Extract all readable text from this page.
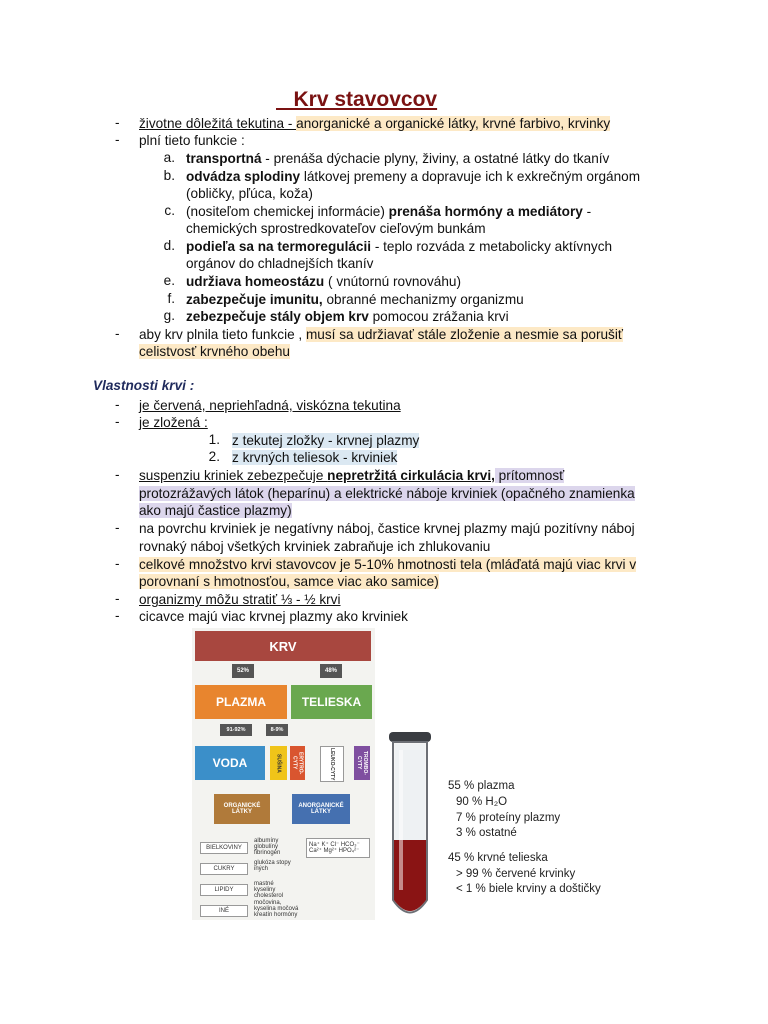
Krv stavovcov
- životne dôležitá tekutina - anorganické a organické látky, krvné farbivo, krvinky
- plní tieto funkcie :
a. transportná - prenáša dýchacie plyny, živiny, a ostatné látky do tkanív
b. odvádza splodiny látkovej premeny a dopravuje ich k exkrečným orgánom
(obličky, pľúca, koža)
c. (nositeľom chemickej informácie) prenáša hormóny a mediátory -
chemických sprostredkovateľov cieľovým bunkám
d. podieľa sa na termoregulácii - teplo rozváda z metabolicky aktívnych
orgánov do chladnejších tkanív
e. udržiava homeostázu ( vnútornú rovnováhu)
f. zabezpečuje imunitu, obranné mechanizmy organizmu
g. zebezpečuje stály objem krv pomocou zrážania krvi
- aby krv plnila tieto funkcie , musí sa udržiavať stále zloženie a nesmie sa porušiť
celistvosť krvného obehu
Vlastnosti krvi :
- je červená, nepriehľadná, viskózna tekutina
- je zložená :
1. z tekutej zložky - krvnej plazmy
2. z krvných teliesok - krviniek
- suspenziu kriniek zebezpečuje nepretržitá cirkulácia krvi, prítomnosť
protozrážavých látok (heparínu) a elektrické náboje krviniek (opačného znamienka
ako majú častice plazmy)
- na povrchu krviniek je negatívny náboj, častice krvnej plazmy majú pozitívny náboj
rovnaký náboj všetkých krviniek zabraňuje ich zhlukovaniu
- celkové množstvo krvi stavovcov je 5-10% hmotnosti tela (mláďatá majú viac krvi v
porovnaní s hmotnosťou, samce viac ako samice)
- organizmy môžu stratiť ⅓ - ½ krvi
- cicavce majú viac krvnej plazmy ako krviniek
KRV
52%	48%
PLAZMA	TELIESKA
91-92%	8-9%
VODA	SUŠINA	ERYTRO-CYTY	LEUKO-CYTY	TROMBO-CYTY
ORGANICKÉ LÁTKY
ANORGANICKÉ LÁTKY
BIELKOVINY
albumíny globulíny fibrinogén
CUKRY
glukóza stopy iných
LIPIDY
mastné kyseliny cholesterol
INÉ
močovina, kyselina močová kreatín hormóny
Na⁺ K⁺ Cl⁻ HCO₃⁻ Ca²⁺ Mg²⁺ HPO₄²⁻
55 % plazma
90 % H₂O
7 % proteíny plazmy
3 % ostatné
45 % krvné telieska
> 99 % červené krvinky
< 1 % biele krviny a doštičky
